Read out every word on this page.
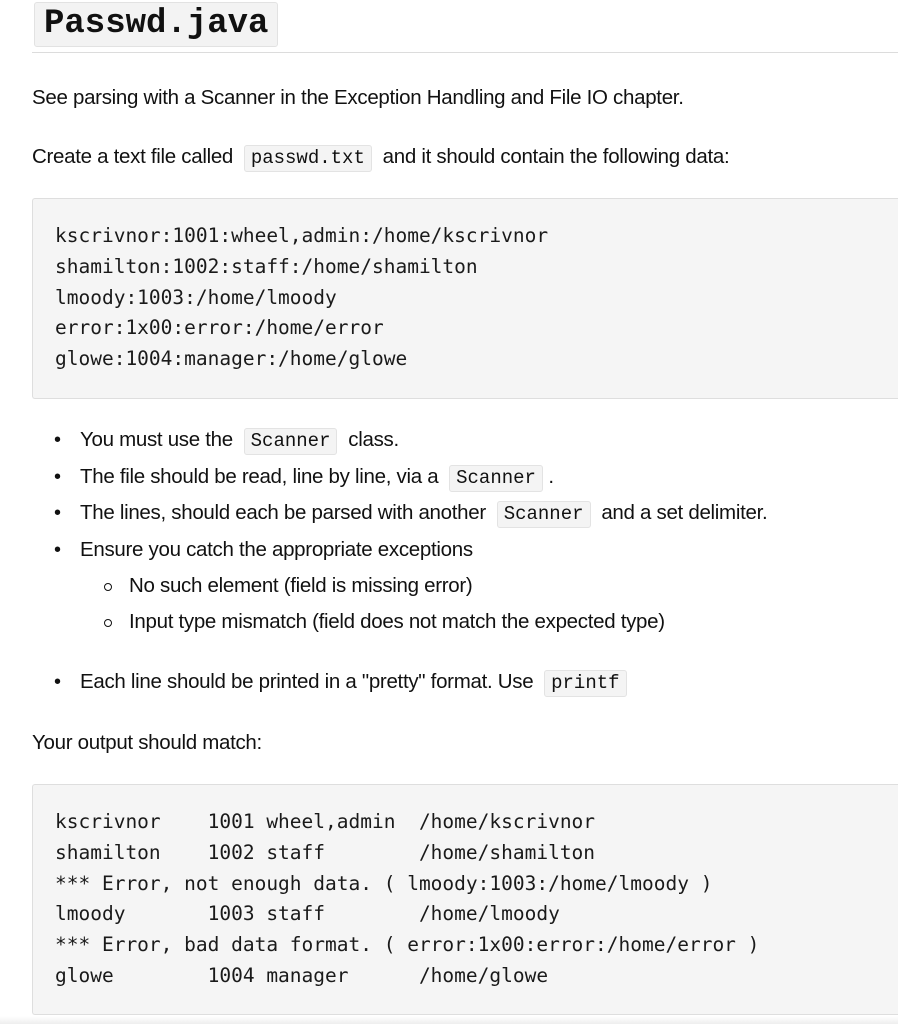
Passwd.java

See parsing with a Scanner in the Exception Handling and File IO chapter.

Create a text file called passwd.txt and it should contain the following data:

kscrivnor:1001:wheel,admin:/home/kscrivnor
shamilton:1002:staff:/home/shamilton
lmoody:1003:/home/lmoody
error:1x00:error:/home/error
glowe:1004:manager:/home/glowe
• You must use the Scanner class.
• The file should be read, line by line, via a Scanner .
• The lines, should each be parsed with another Scanner and a set delimiter.
• Ensure you catch the appropriate exceptions
No such element (field is missing error)
Input type mismatch (field does not match the expected type)
• Each line should be printed in a "pretty" format. Use printf

Your output should match:

kscrivnor    1001 wheel,admin  /home/kscrivnor
shamilton    1002 staff        /home/shamilton
*** Error, not enough data. ( lmoody:1003:/home/lmoody )
lmoody       1003 staff        /home/lmoody
*** Error, bad data format. ( error:1x00:error:/home/error )
glowe        1004 manager      /home/glowe
